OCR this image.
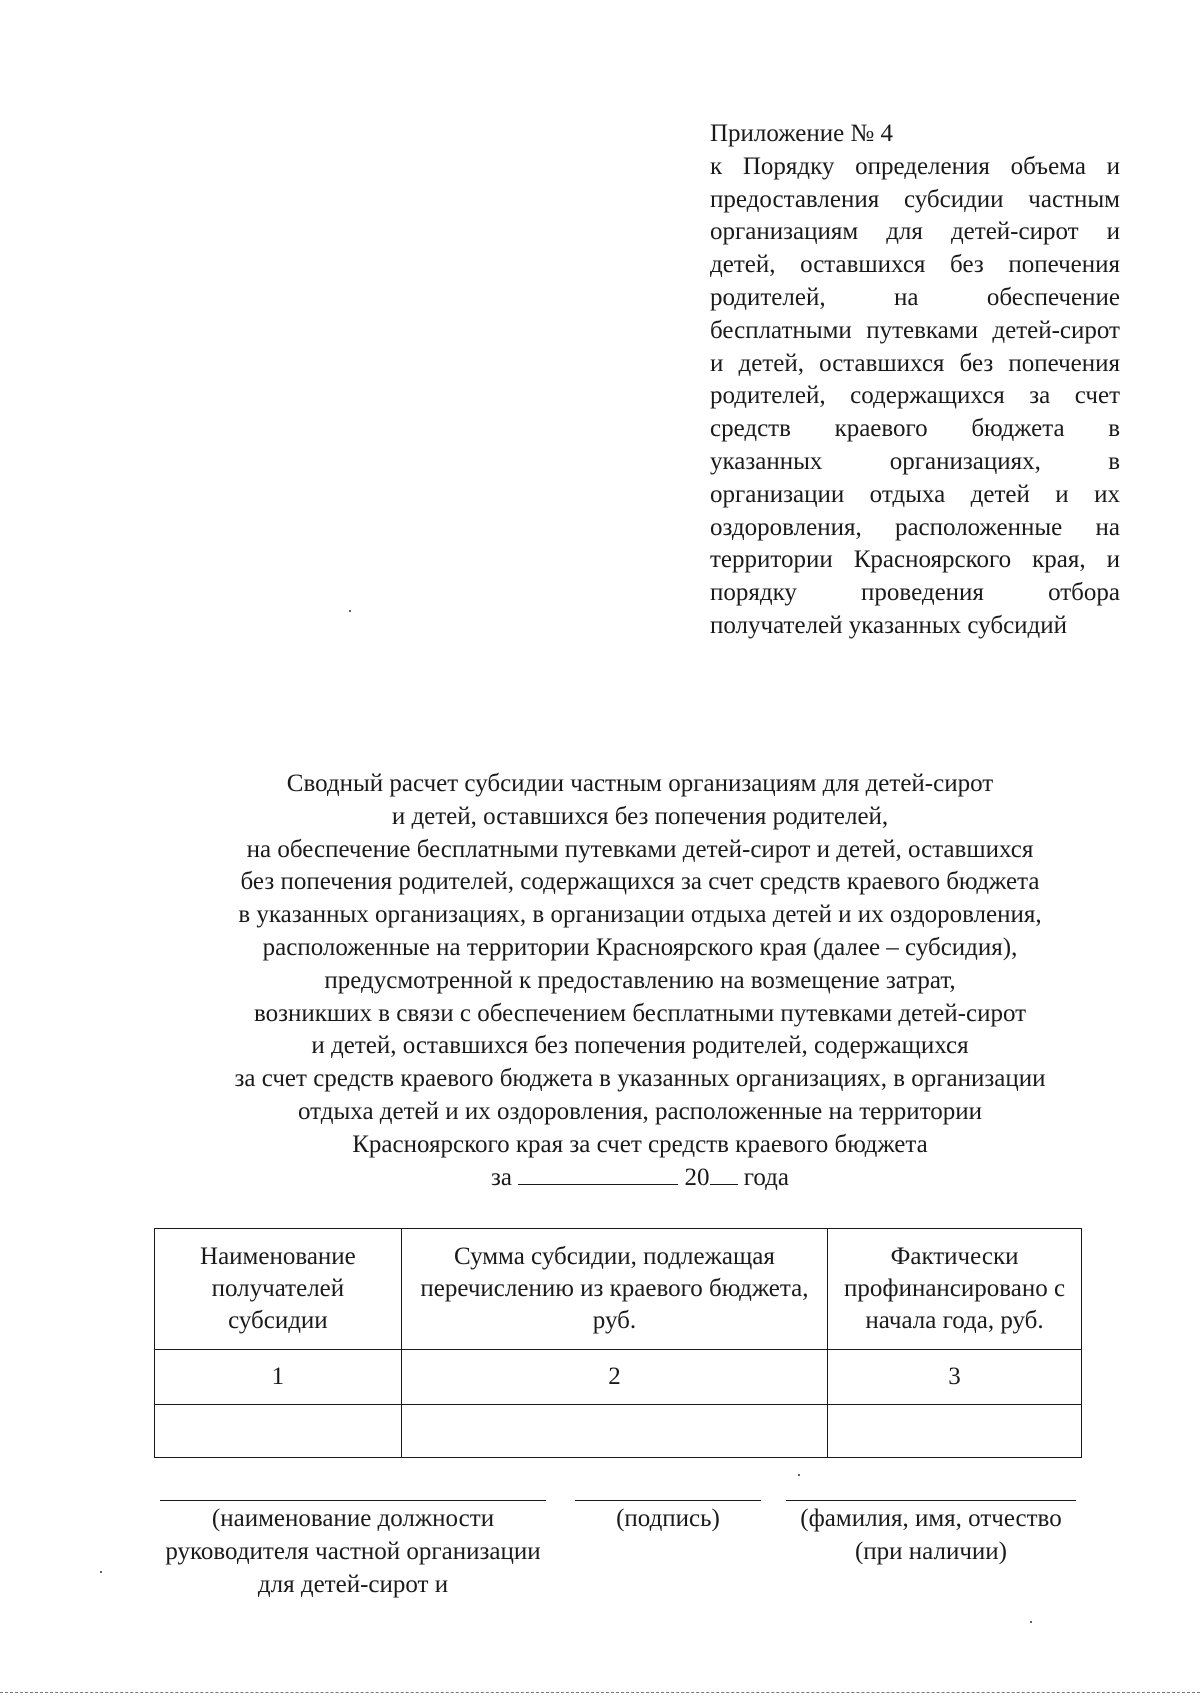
Приложение № 4
к Порядку определения объема и предоставления субсидии частным организациям для детей-сирот и детей, оставшихся без попечения родителей, на обеспечение бесплатными путевками детей-сирот и детей, оставшихся без попечения родителей, содержащихся за счет средств краевого бюджета в указанных организациях, в организации отдыха детей и их оздоровления, расположенные на территории Красноярского края, и порядку проведения отбора получателей указанных субсидий
Сводный расчет субсидии частным организациям для детей-сирот
и детей, оставшихся без попечения родителей,
на обеспечение бесплатными путевками детей-сирот и детей, оставшихся
без попечения родителей, содержащихся за счет средств краевого бюджета
в указанных организациях, в организации отдыха детей и их оздоровления,
расположенные на территории Красноярского края (далее – субсидия),
предусмотренной к предоставлению на возмещение затрат,
возникших в связи с обеспечением бесплатными путевками детей-сирот
и детей, оставшихся без попечения родителей, содержащихся
за счет средств краевого бюджета в указанных организациях, в организации
отдыха детей и их оздоровления, расположенные на территории
Красноярского края за счет средств краевого бюджета
за	20 года
Наименование получателей субсидии	Сумма субсидии, подлежащая перечислению из краевого бюджета, руб.	Фактически профинансировано с начала года, руб.
1	2	3

(наименование должности руководителя частной организации для детей-сирот и
(подпись)	(фамилия, имя, отчество (при наличии)
